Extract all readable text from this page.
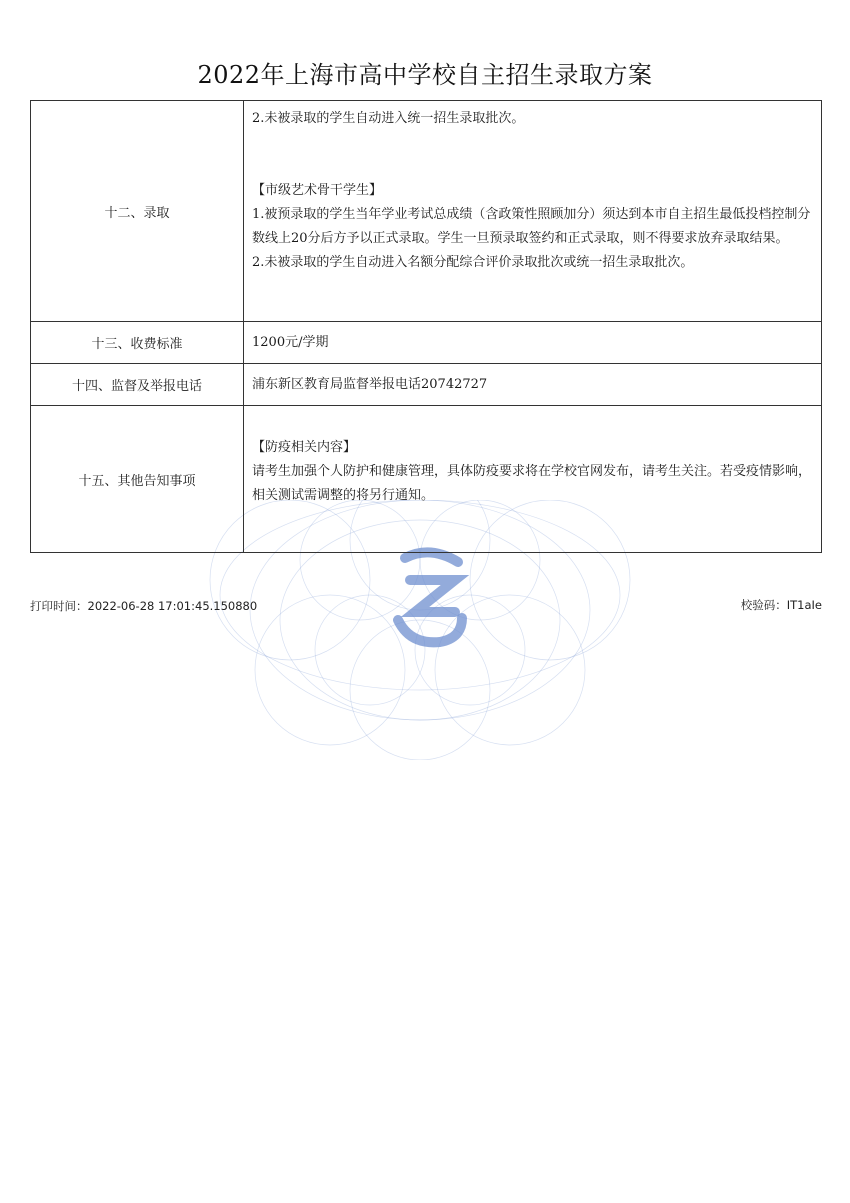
2022年上海市高中学校自主招生录取方案
十二、录取	2.未被录取的学生自动进入统一招生录取批次。

【市级艺术骨干学生】

1.被预录取的学生当年学业考试总成绩（含政策性照顾加分）须达到本市自主招生最低投档控制分数线上20分后方予以正式录取。学生一旦预录取签约和正式录取，则不得要求放弃录取结果。

2.未被录取的学生自动进入名额分配综合评价录取批次或统一招生录取批次。

十三、收费标准	1200元/学期
十四、监督及举报电话	浦东新区教育局监督举报电话20742727
十五、其他告知事项	【防疫相关内容】

请考生加强个人防护和健康管理，具体防疫要求将在学校官网发布，请考生关注。若受疫情影响，相关测试需调整的将另行通知。

打印时间：2022-06-28 17:01:45.150880	校验码：IT1aIe
